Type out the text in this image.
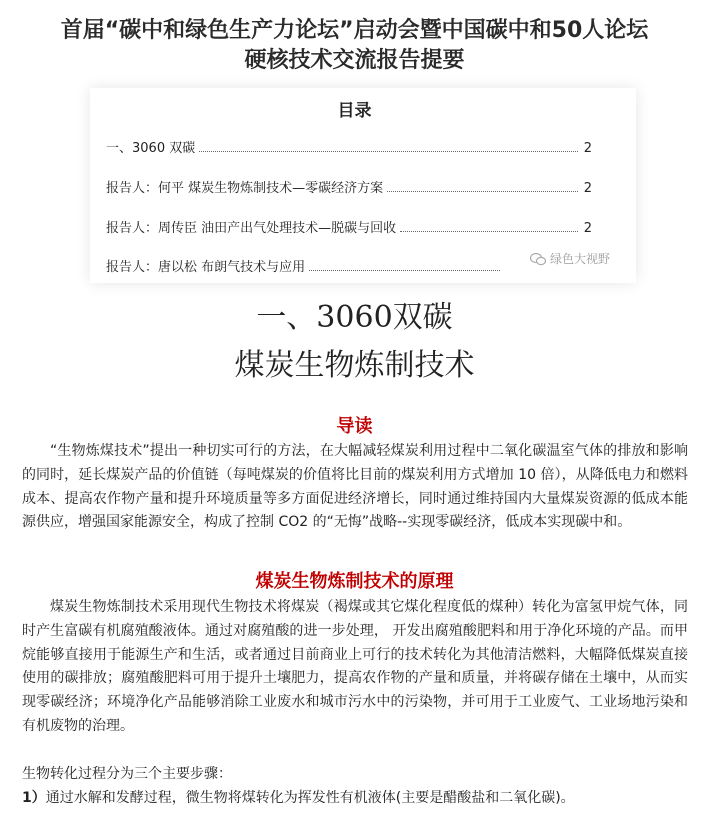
首届“碳中和绿色生产力论坛”启动会暨中国碳中和50人论坛
硬核技术交流报告提要
目录
一、3060 双碳	2
报告人：何平 煤炭生物炼制技术—零碳经济方案	2
报告人：周传臣 油田产出气处理技术—脱碳与回收	2
报告人：唐以松 布朗气技术与应用
绿色大视野
一、3060双碳
煤炭生物炼制技术
导读

“生物炼煤技术”提出一种切实可行的方法，在大幅减轻煤炭利用过程中二氧化碳温室气体的排放和影响的同时，延长煤炭产品的价值链（每吨煤炭的价值将比目前的煤炭利用方式增加 10 倍），从降低电力和燃料成本、提高农作物产量和提升环境质量等多方面促进经济增长，同时通过维持国内大量煤炭资源的低成本能源供应，增强国家能源安全，构成了控制 CO2 的“无悔”战略--实现零碳经济，低成本实现碳中和。

煤炭生物炼制技术的原理

煤炭生物炼制技术采用现代生物技术将煤炭（褐煤或其它煤化程度低的煤种）转化为富氢甲烷气体，同时产生富碳有机腐殖酸液体。通过对腐殖酸的进一步处理， 开发出腐殖酸肥料和用于净化环境的产品。而甲烷能够直接用于能源生产和生活，或者通过目前商业上可行的技术转化为其他清洁燃料，大幅降低煤炭直接使用的碳排放；腐殖酸肥料可用于提升土壤肥力，提高农作物的产量和质量，并将碳存储在土壤中，从而实现零碳经济；环境净化产品能够消除工业废水和城市污水中的污染物，并可用于工业废气、工业场地污染和有机废物的治理。

生物转化过程分为三个主要步骤：

1）通过水解和发酵过程，微生物将煤转化为挥发性有机液体(主要是醋酸盐和二氧化碳)。
